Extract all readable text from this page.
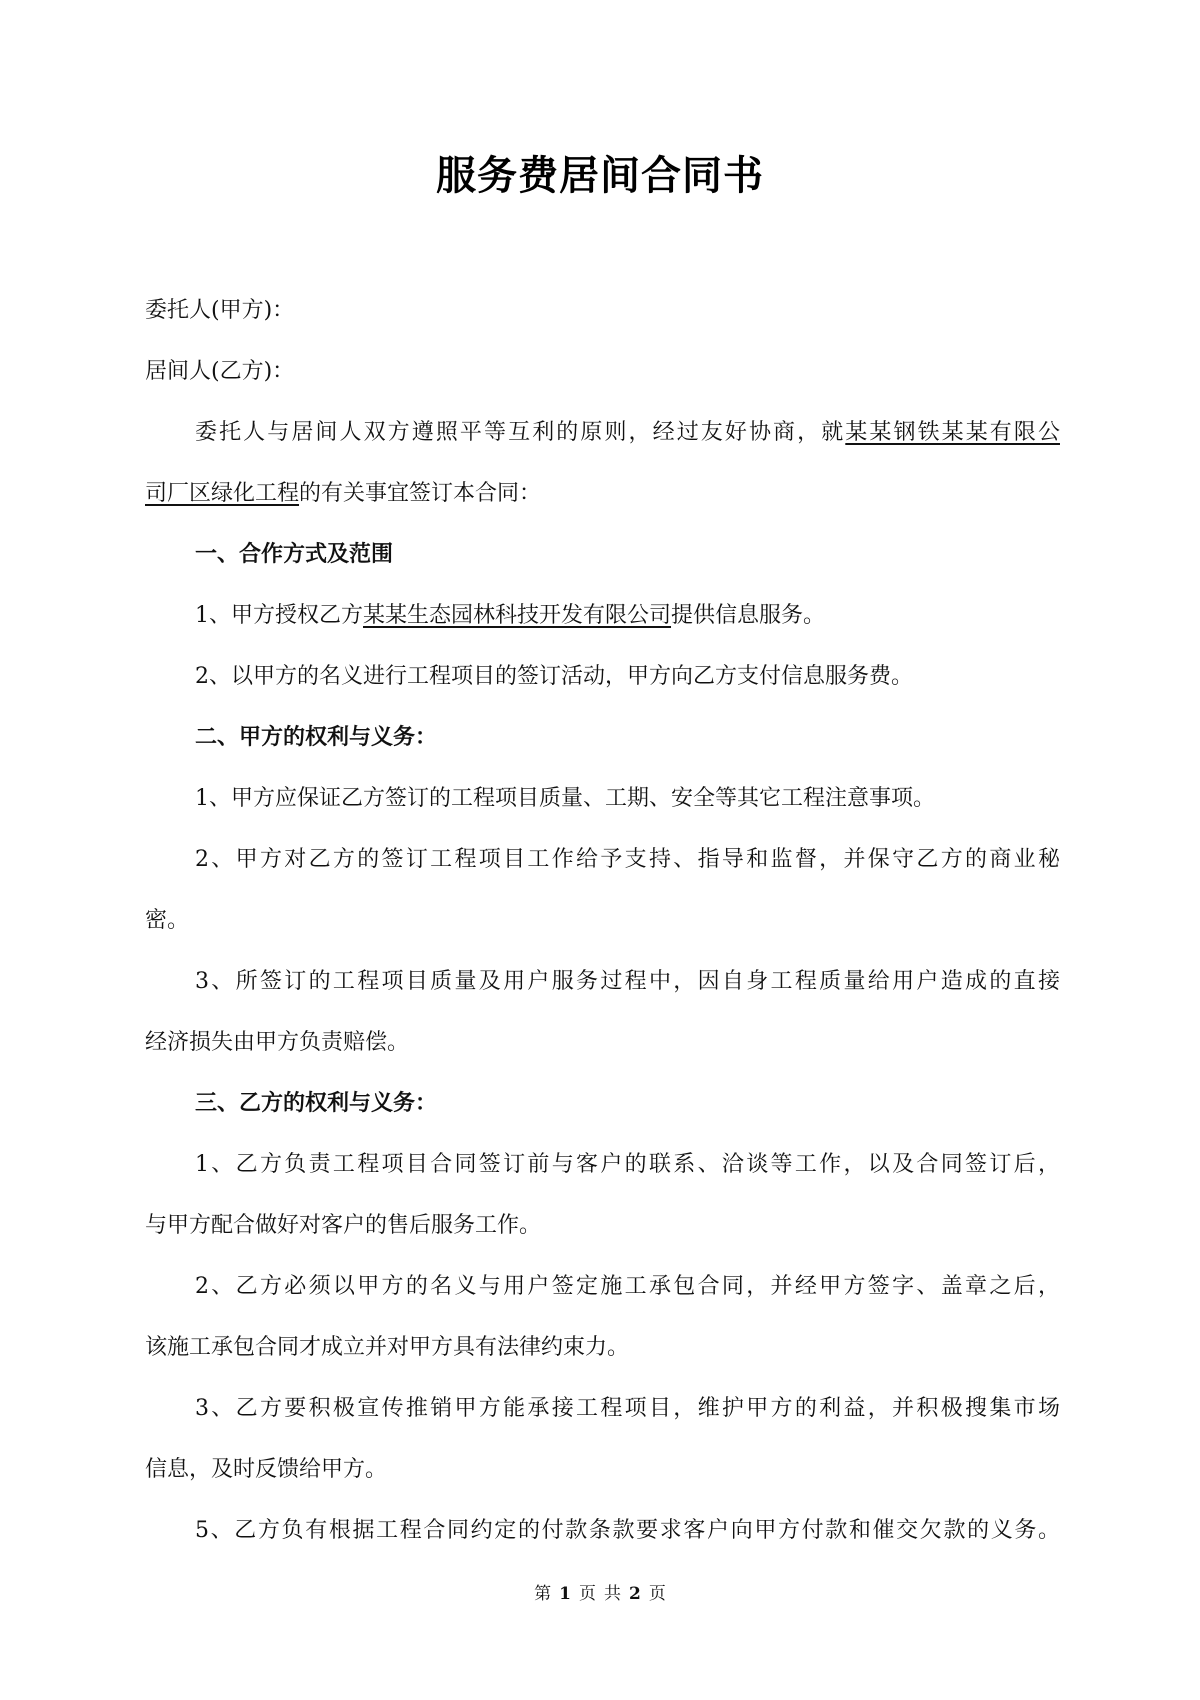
服务费居间合同书

委托人(甲方)：

居间人(乙方)：

委托人与居间人双方遵照平等互利的原则，经过友好协商，就某某钢铁某某有限公

司厂区绿化工程的有关事宜签订本合同：

一、合作方式及范围

1、甲方授权乙方某某生态园林科技开发有限公司提供信息服务。

2、以甲方的名义进行工程项目的签订活动，甲方向乙方支付信息服务费。

二、甲方的权利与义务：

1、甲方应保证乙方签订的工程项目质量、工期、安全等其它工程注意事项。

2、甲方对乙方的签订工程项目工作给予支持、指导和监督，并保守乙方的商业秘

密。

3、所签订的工程项目质量及用户服务过程中，因自身工程质量给用户造成的直接

经济损失由甲方负责赔偿。

三、乙方的权利与义务：

1、乙方负责工程项目合同签订前与客户的联系、洽谈等工作，以及合同签订后，

与甲方配合做好对客户的售后服务工作。

2、乙方必须以甲方的名义与用户签定施工承包合同，并经甲方签字、盖章之后，

该施工承包合同才成立并对甲方具有法律约束力。

3、乙方要积极宣传推销甲方能承接工程项目，维护甲方的利益，并积极搜集市场

信息，及时反馈给甲方。

5、乙方负有根据工程合同约定的付款条款要求客户向甲方付款和催交欠款的义务。

第 1 页 共 2 页
